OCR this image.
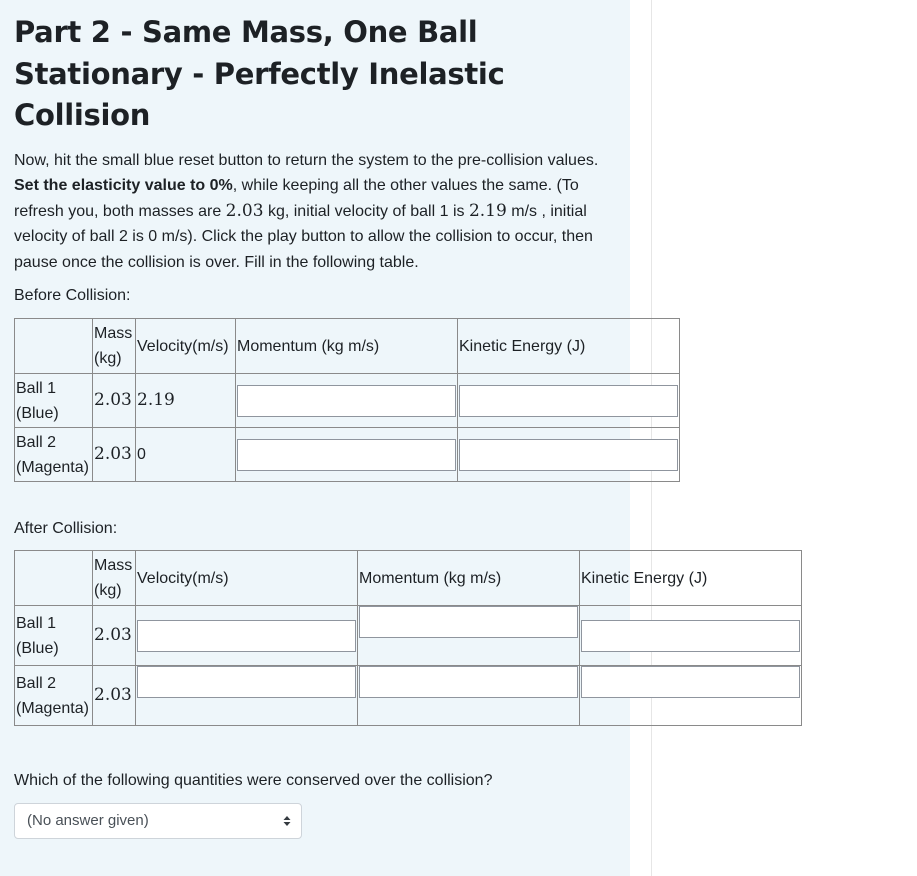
Part 2 - Same Mass, One Ball Stationary - Perfectly Inelastic Collision

Now, hit the small blue reset button to return the system to the pre-collision values. Set the elasticity value to 0%, while keeping all the other values the same. (To refresh you, both masses are 2.03 kg, initial velocity of ball 1 is 2.19 m/s , initial velocity of ball 2 is 0 m/s). Click the play button to allow the collision to occur, then pause once the collision is over. Fill in the following table.

Before Collision:
	Mass (kg)	Velocity(m/s)	Momentum (kg m/s)	Kinetic Energy (J)
Ball 1 (Blue)	2.03	2.19	

Ball 2 (Magenta)	2.03	0	

After Collision:
	Mass (kg)	Velocity(m/s)	Momentum (kg m/s)	Kinetic Energy (J)
Ball 1 (Blue)	2.03	

Ball 2 (Magenta)	2.03	

Which of the following quantities were conserved over the collision?
(No answer given)
